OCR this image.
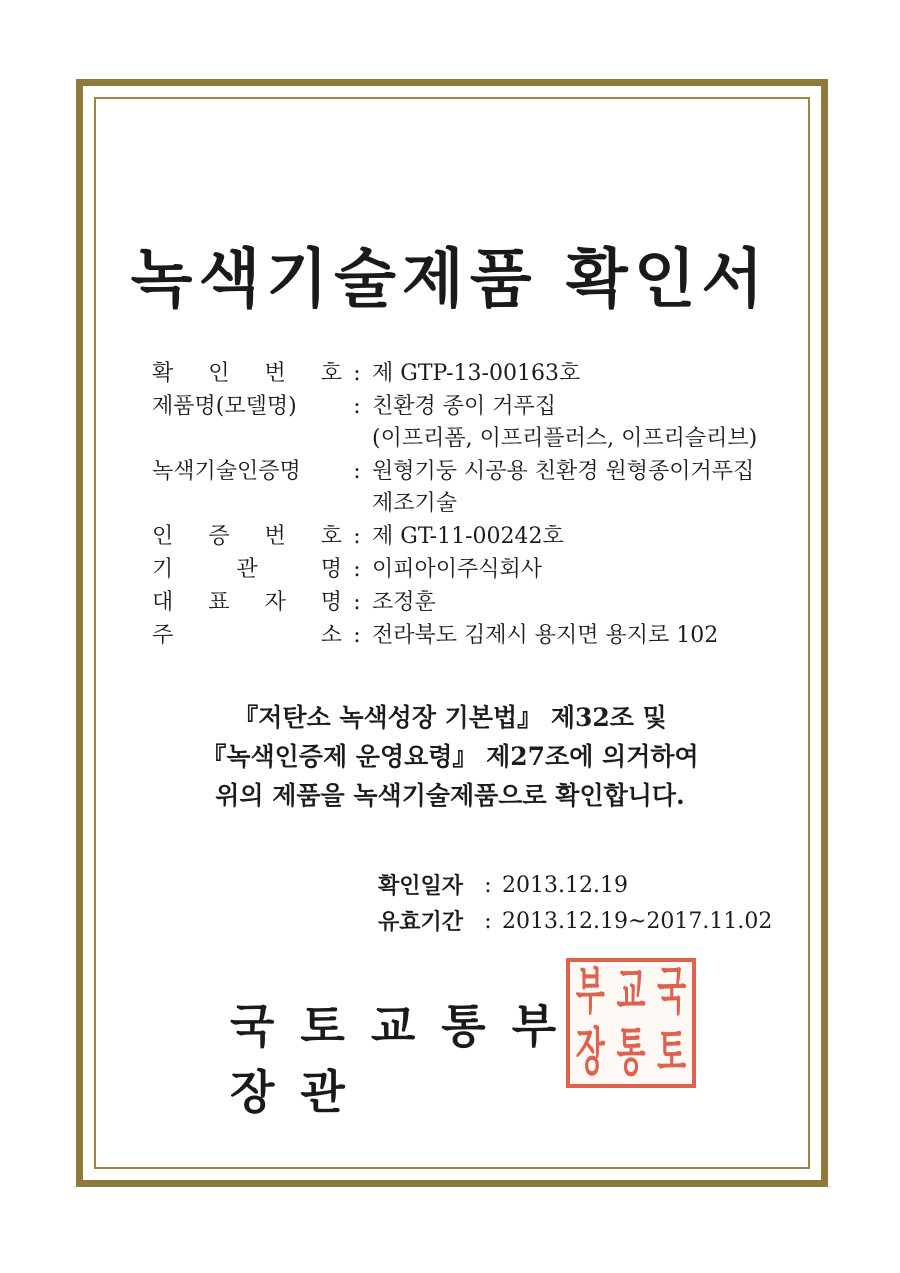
녹색기술제품 확인서
확 인 번 호 : 제 GTP-13-00163호
제품명(모델명)	: 친환경 종이 거푸집
(이프리폼, 이프리플러스, 이프리슬리브)
녹색기술인증명	: 원형기둥 시공용 친환경 원형종이거푸집
제조기술
인 증 번 호 : 제 GT-11-00242호
기	관	명 : 이피아이주식회사
대 표 자 명 : 조정훈
주	소 : 전라북도 김제시 용지면 용지로 102
『저탄소 녹색성장 기본법』 제32조 및
『녹색인증제 운영요령』 제27조에 의거하여
위의 제품을 녹색기술제품으로 확인합니다.
확인일자 : 2013.12.19
유효기간 : 2013.12.19~2017.11.02
국토교통부장관
부 교 국
장 통 토
